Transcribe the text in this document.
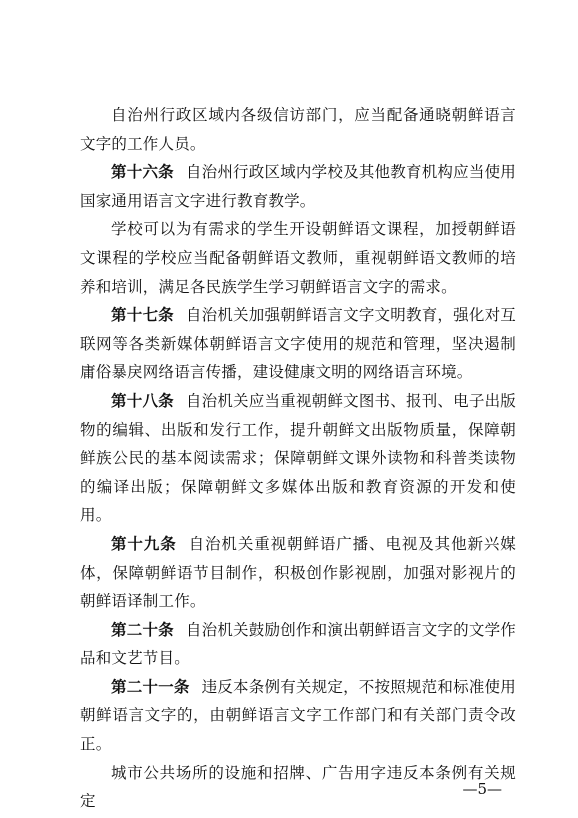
自治州行政区域内各级信访部门，应当配备通晓朝鲜语言文字的工作人员。

第十六条 自治州行政区域内学校及其他教育机构应当使用国家通用语言文字进行教育教学。

学校可以为有需求的学生开设朝鲜语文课程，加授朝鲜语文课程的学校应当配备朝鲜语文教师，重视朝鲜语文教师的培养和培训，满足各民族学生学习朝鲜语言文字的需求。

第十七条 自治机关加强朝鲜语言文字文明教育，强化对互联网等各类新媒体朝鲜语言文字使用的规范和管理，坚决遏制庸俗暴戾网络语言传播，建设健康文明的网络语言环境。

第十八条 自治机关应当重视朝鲜文图书、报刊、电子出版物的编辑、出版和发行工作，提升朝鲜文出版物质量，保障朝鲜族公民的基本阅读需求；保障朝鲜文课外读物和科普类读物的编译出版；保障朝鲜文多媒体出版和教育资源的开发和使用。

第十九条 自治机关重视朝鲜语广播、电视及其他新兴媒体，保障朝鲜语节目制作，积极创作影视剧，加强对影视片的朝鲜语译制工作。

第二十条 自治机关鼓励创作和演出朝鲜语言文字的文学作品和文艺节目。

第二十一条 违反本条例有关规定，不按照规范和标准使用朝鲜语言文字的，由朝鲜语言文字工作部门和有关部门责令改正。

城市公共场所的设施和招牌、广告用字违反本条例有关规定

—5—
